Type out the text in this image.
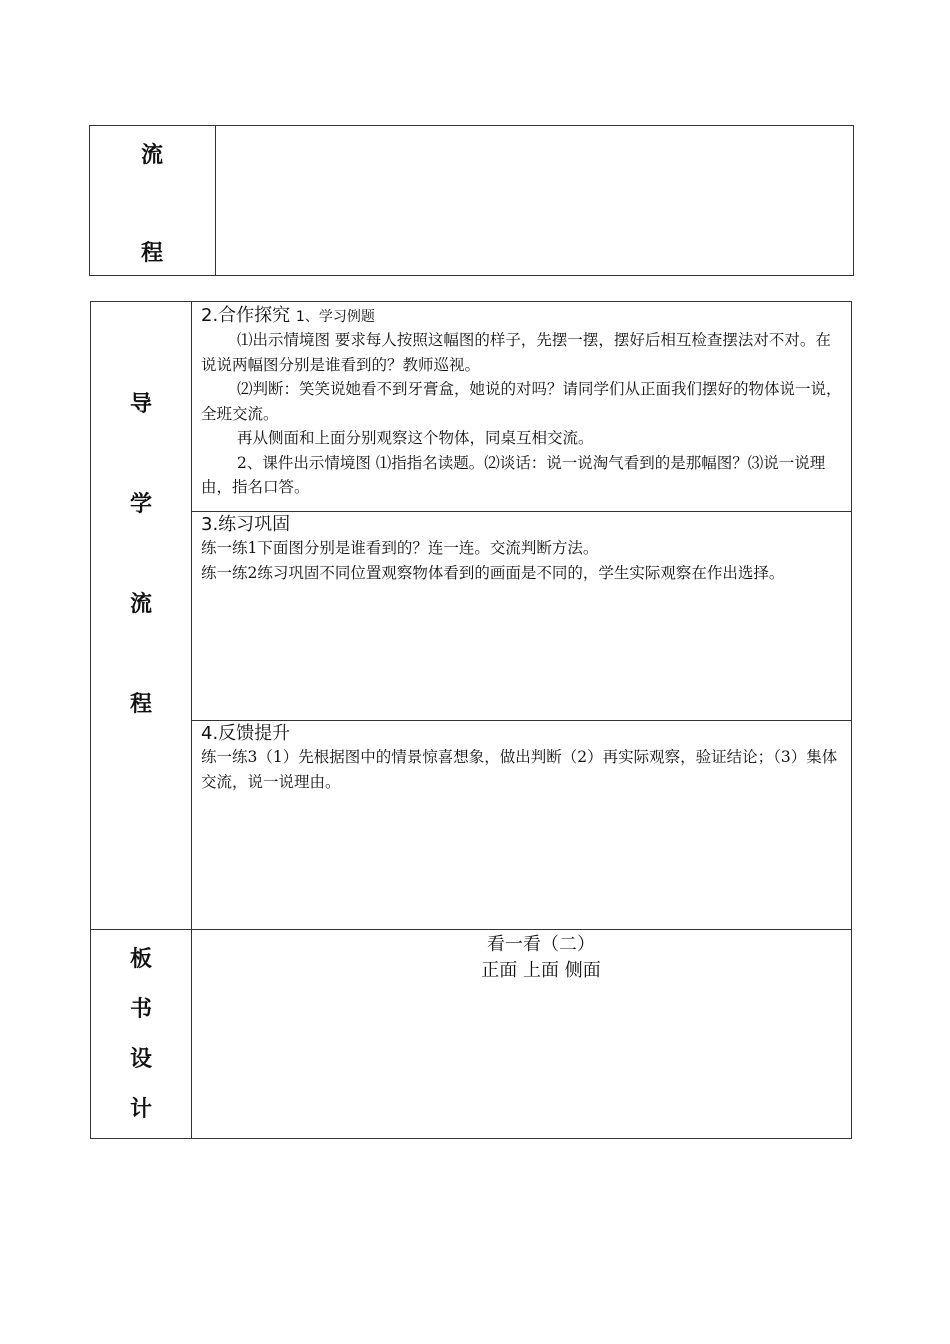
流
程
导
学
流
程
2.合作探究 1、学习例题

⑴出示情境图 要求每人按照这幅图的样子，先摆一摆，摆好后相互检查摆法对不对。在说说两幅图分别是谁看到的？教师巡视。

⑵判断：笑笑说她看不到牙膏盒，她说的对吗？请同学们从正面我们摆好的物体说一说，全班交流。

再从侧面和上面分别观察这个物体，同桌互相交流。

2、课件出示情境图 ⑴指指名读题。⑵谈话：说一说淘气看到的是那幅图？⑶说一说理由，指名口答。

3.练习巩固

练一练1下面图分别是谁看到的？连一连。交流判断方法。

练一练2练习巩固不同位置观察物体看到的画面是不同的，学生实际观察在作出选择。

4.反馈提升

练一练3（1）先根据图中的情景惊喜想象，做出判断（2）再实际观察，验证结论；（3）集体交流，说一说理由。

板
书
设
计
看一看（二）
正面 上面 侧面
